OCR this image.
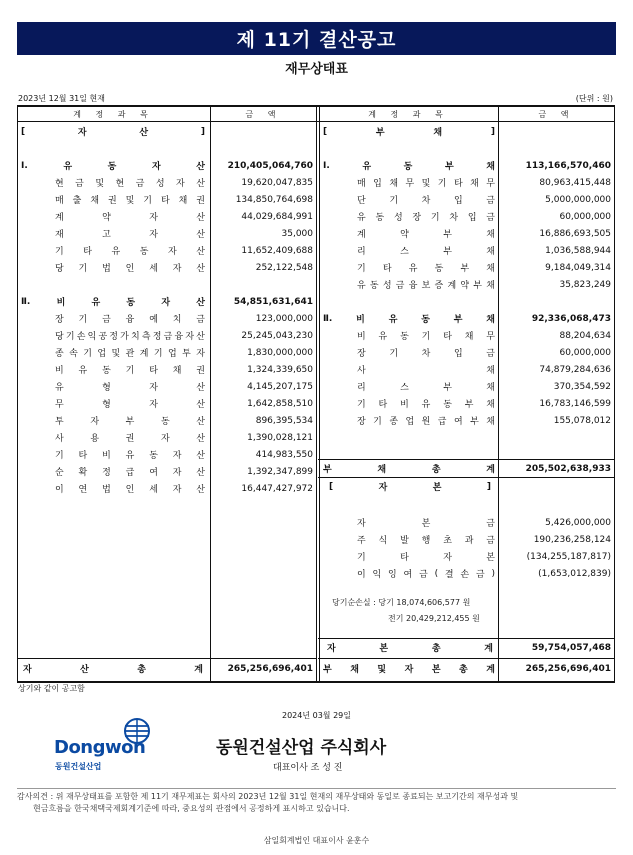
제 11기 결산공고
재무상태표
2023년 12월 31일 현재	(단위 : 원)
계 정 과 목	금 액	계 정 과 목	금 액
[	자	산	]
Ⅰ.	유	동	자	산	210,405,064,760
현 금 및 현 금 성 자 산	19,620,047,835
매 출 채 권 및 기 타 채 권	134,850,764,698
계	약	자	산	44,029,684,991
재	고	자	산	35,000
기 타 유 동 자 산	11,652,409,688
당 기 법 인 세 자 산	252,122,548
Ⅱ.	비	유	동	자	산	54,851,631,641
장 기 금 융 예 치 금	123,000,000
당 기 손 익 공 정 가 치 측 정 금 융 자 산	25,245,043,230
종 속 기 업 및 관 계 기 업 투 자	1,830,000,000
비 유 동 기 타 채 권	1,324,339,650
유	형	자	산	4,145,207,175
무	형	자	산	1,642,858,510
투	자	부	동	산	896,395,534
사	용	권	자	산	1,390,028,121
기 타 비 유 동 자 산	414,983,550
순 확 정 급 여 자 산	1,392,347,899
이 연 법 인 세 자 산	16,447,427,972
자	산	총	계	265,256,696,401
[	부	채	]
Ⅰ.	유	동	부	채	113,166,570,460
매 입 채 무 및 기 타 채 무	80,963,415,448
단	기	차	입	금	5,000,000,000
유 동 성 장 기 차 입 금	60,000,000
계	약	부	채	16,886,693,505
리	스	부	채	1,036,588,944
기 타 유 동 부 채	9,184,049,314
유 동 성 금 융 보 증 계 약 부 채	35,823,249
Ⅱ.	비	유	동	부	채	92,336,068,473
비 유 동 기 타 채 무	88,204,634
장	기	차	입	금	60,000,000
사	채	74,879,284,636
리	스	부	채	370,354,592
기 타 비 유 동 부 채	16,783,146,599
장 기 종 업 원 급 여 부 채	155,078,012
부	채	총	계	205,502,638,933
[	자	본	]
자	본	금	5,426,000,000
주 식 발 행 초 과 금	190,236,258,124
기	타	자	본	(134,255,187,817)
이 익 잉 여 금 ( 결 손 금 )	(1,653,012,839)
당기순손실 : 당기 18,074,606,577 원
전기 20,429,212,455 원
자	본	총	계	59,754,057,468
부 채 및 자 본 총 계	265,256,696,401
상기와 같이 공고함
2024년 03월 29일
Dongwon
동원건설산업
동원건설산업 주식회사
대표이사 조 성 진
감사의견 : 위 재무상태표를 포함한 제 11기 재무제표는 회사의 2023년 12월 31일 현재의 재무상태와 동일로 종료되는 보고기간의 재무성과 및
현금흐름을 한국채택국제회계기준에 따라, 중요성의 관점에서 공정하게 표시하고 있습니다.
삼일회계법인 대표이사 윤훈수
